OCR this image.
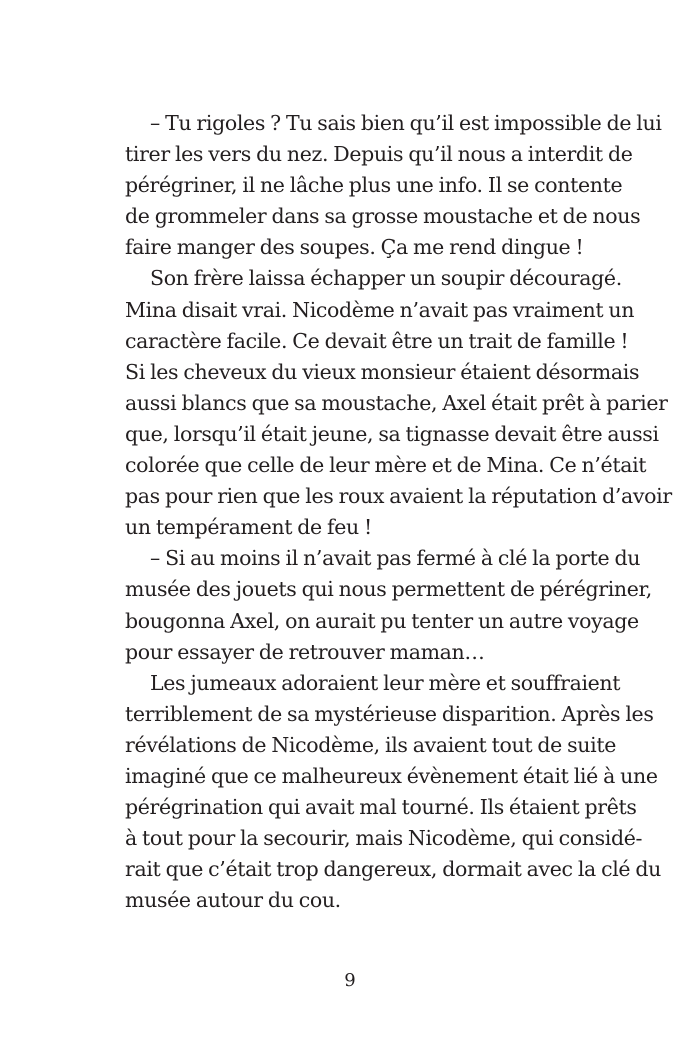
– Tu rigoles ? Tu sais bien qu’il est impossible de lui
tirer les vers du nez. Depuis qu’il nous a interdit de
pérégriner, il ne lâche plus une info. Il se contente
de grommeler dans sa grosse moustache et de nous
faire manger des soupes. Ça me rend dingue !
Son frère laissa échapper un soupir découragé.
Mina disait vrai. Nicodème n’avait pas vraiment un
caractère facile. Ce devait être un trait de famille !
Si les cheveux du vieux monsieur étaient désormais
aussi blancs que sa moustache, Axel était prêt à parier
que, lorsqu’il était jeune, sa tignasse devait être aussi
colorée que celle de leur mère et de Mina. Ce n’était
pas pour rien que les roux avaient la réputation d’avoir
un tempérament de feu !
– Si au moins il n’avait pas fermé à clé la porte du
musée des jouets qui nous permettent de pérégriner,
bougonna Axel, on aurait pu tenter un autre voyage
pour essayer de retrouver maman…
Les jumeaux adoraient leur mère et souffraient
terriblement de sa mystérieuse disparition. Après les
révélations de Nicodème, ils avaient tout de suite
imaginé que ce malheureux évènement était lié à une
pérégrination qui avait mal tourné. Ils étaient prêts
à tout pour la secourir, mais Nicodème, qui considé-
rait que c’était trop dangereux, dormait avec la clé du
musée autour du cou.
9
